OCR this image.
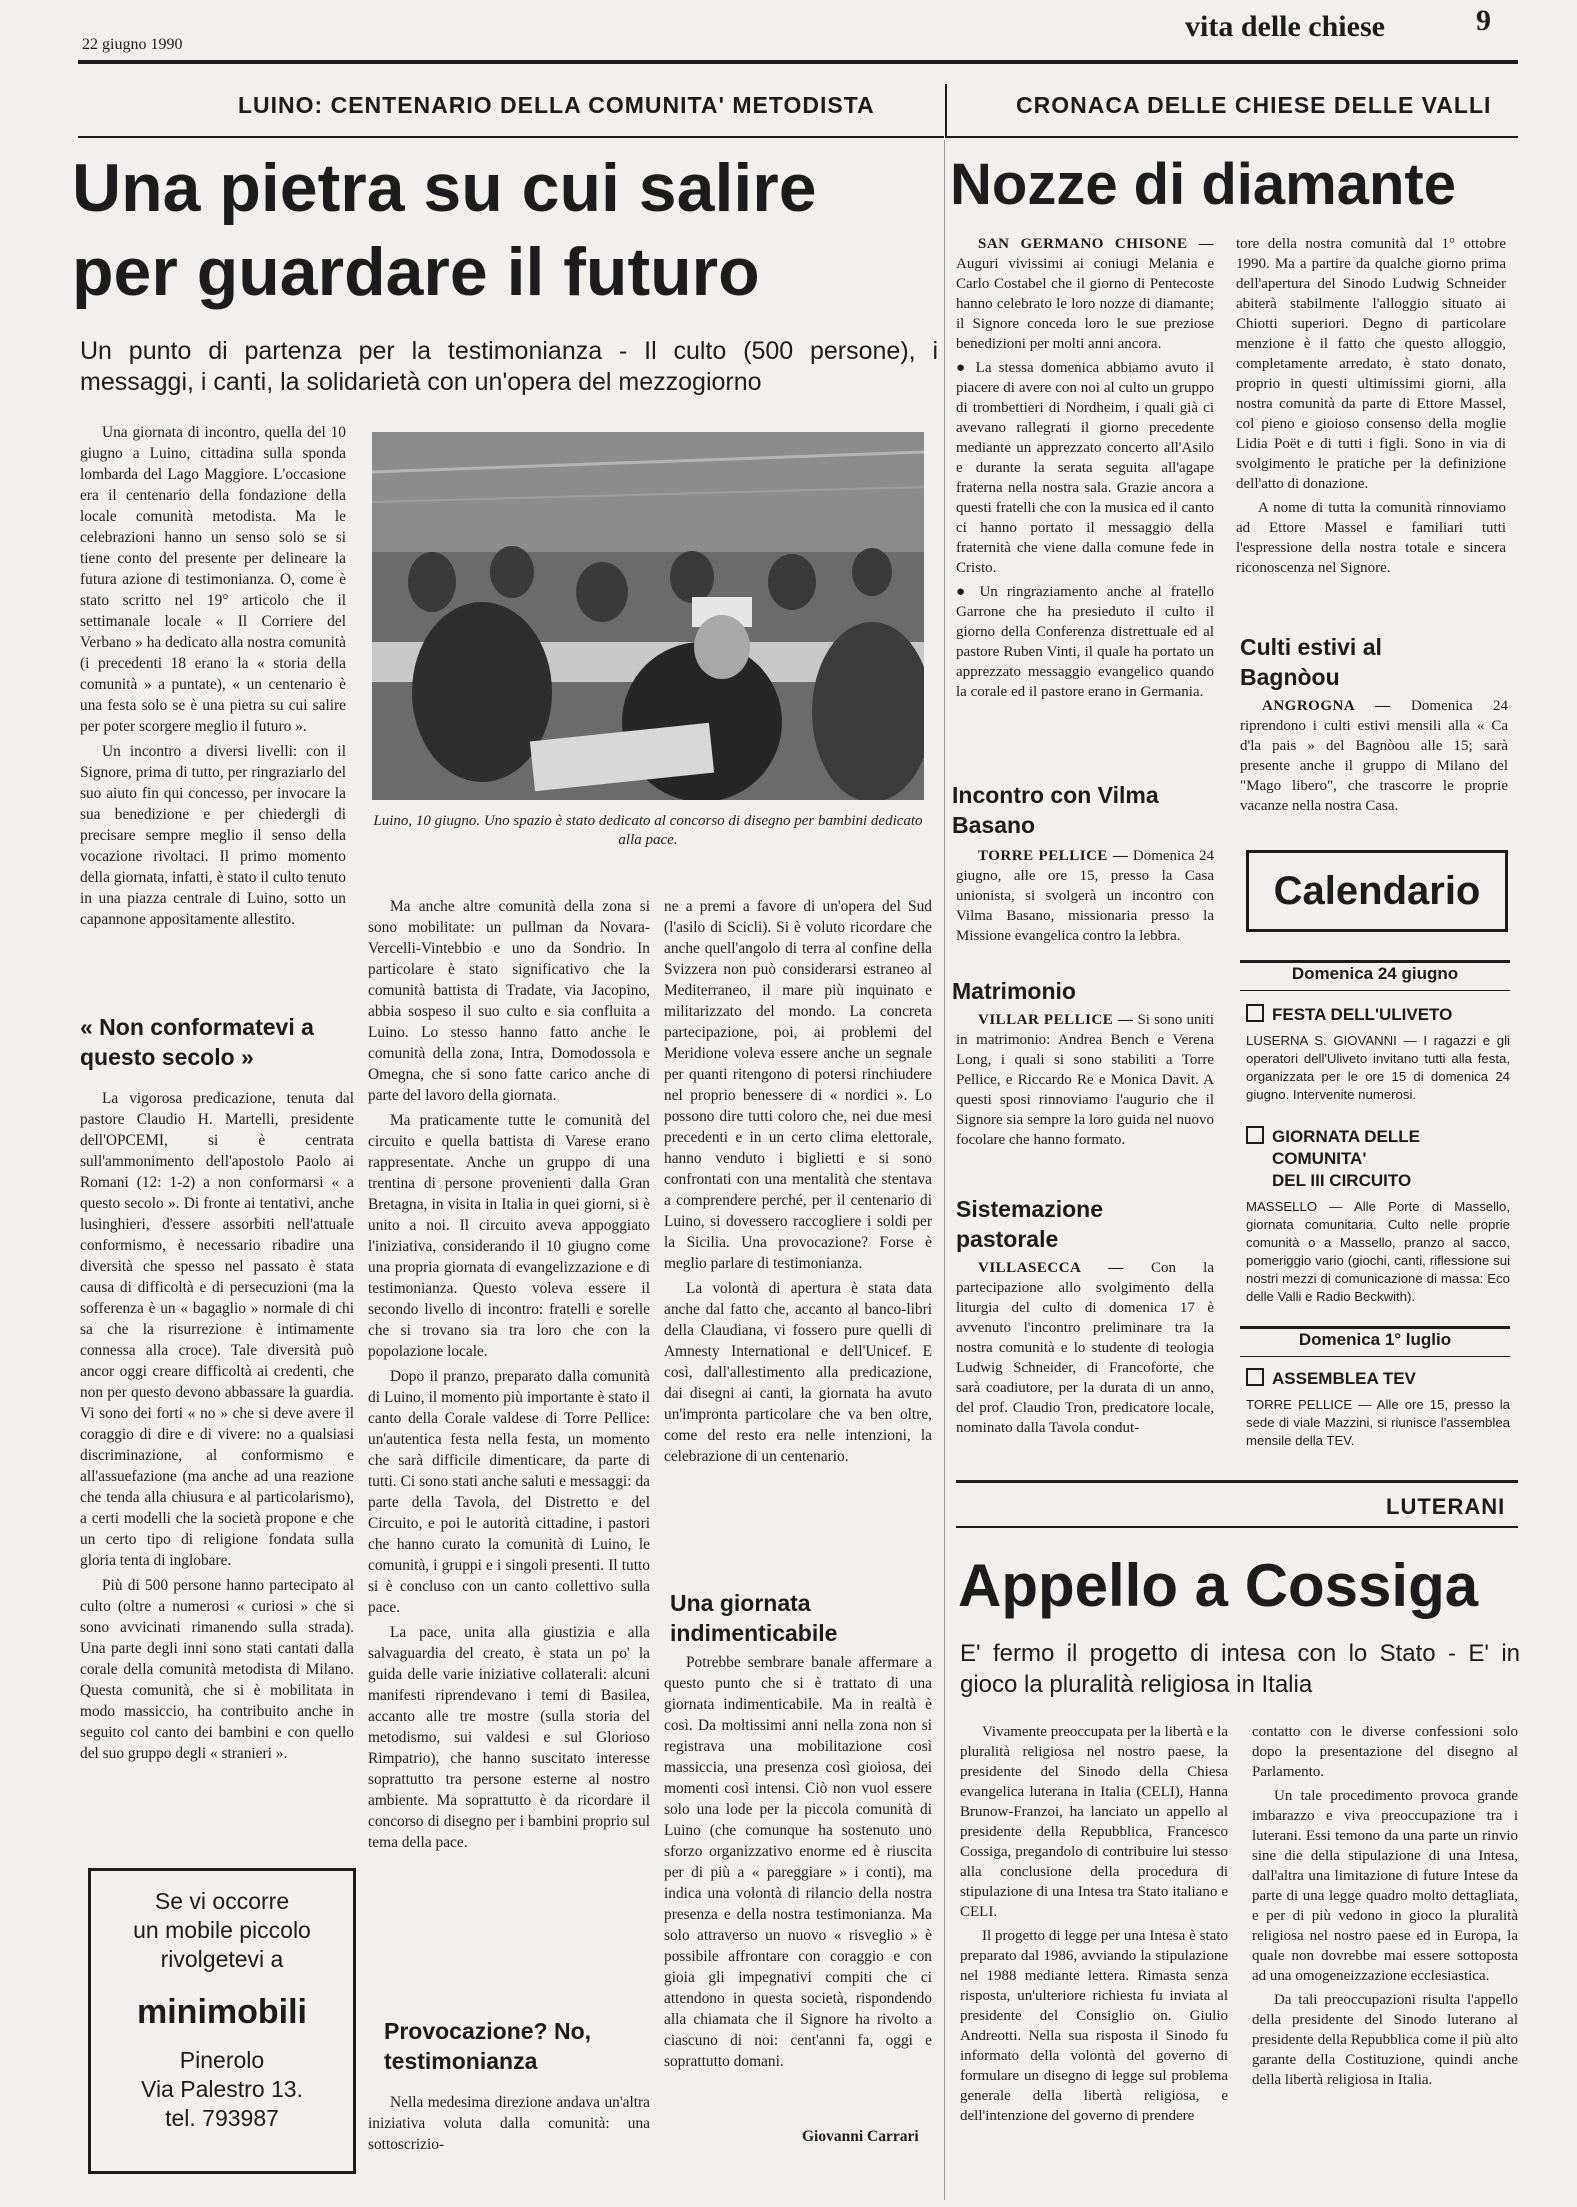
22 giugno 1990
vita delle chiese	9
LUINO: CENTENARIO DELLA COMUNITA' METODISTA
Una pietra su cui salire
per guardare il futuro
Un punto di partenza per la testimonianza - Il culto (500 persone), i messaggi, i canti, la solidarietà con un'opera del mezzogiorno

Una giornata di incontro, quella del 10 giugno a Luino, cittadina sulla sponda lombarda del Lago Maggiore. L'occasione era il centenario della fondazione della locale comunità metodista. Ma le celebrazioni hanno un senso solo se si tiene conto del presente per delineare la futura azione di testimonianza. O, come è stato scritto nel 19° articolo che il settimanale locale « Il Corriere del Verbano » ha dedicato alla nostra comunità (i precedenti 18 erano la « storia della comunità » a puntate), « un centenario è una festa solo se è una pietra su cui salire per poter scorgere meglio il futuro ».

Un incontro a diversi livelli: con il Signore, prima di tutto, per ringraziarlo del suo aiuto fin qui concesso, per invocare la sua benedizione e per chiedergli di precisare sempre meglio il senso della vocazione rivoltaci. Il primo momento della giornata, infatti, è stato il culto tenuto in una piazza centrale di Luino, sotto un capannone appositamente allestito.

Luino, 10 giugno. Uno spazio è stato dedicato al concorso di disegno per bambini dedicato alla pace.
« Non conformatevi a questo secolo »

La vigorosa predicazione, tenuta dal pastore Claudio H. Martelli, presidente dell'OPCEMI, si è centrata sull'ammonimento dell'apostolo Paolo ai Romani (12: 1-2) a non conformarsi « a questo secolo ». Di fronte ai tentativi, anche lusinghieri, d'essere assorbiti nell'attuale conformismo, è necessario ribadire una diversità che spesso nel passato è stata causa di difficoltà e di persecuzioni (ma la sofferenza è un « bagaglio » normale di chi sa che la risurrezione è intimamente connessa alla croce). Tale diversità può ancor oggi creare difficoltà ai credenti, che non per questo devono abbassare la guardia. Vi sono dei forti « no » che si deve avere il coraggio di dire e di vivere: no a qualsiasi discriminazione, al conformismo e all'assuefazione (ma anche ad una reazione che tenda alla chiusura e al particolarismo), a certi modelli che la società propone e che un certo tipo di religione fondata sulla gloria tenta di inglobare.

Più di 500 persone hanno partecipato al culto (oltre a numerosi « curiosi » che si sono avvicinati rimanendo sulla strada). Una parte degli inni sono stati cantati dalla corale della comunità metodista di Milano. Questa comunità, che si è mobilitata in modo massiccio, ha contribuito anche in seguito col canto dei bambini e con quello del suo gruppo degli « stranieri ».

Se vi occorre
un mobile piccolo
rivolgetevi a
minimobili
Pinerolo
Via Palestro 13.
tel. 793987

Ma anche altre comunità della zona si sono mobilitate: un pullman da Novara-Vercelli-Vintebbio e uno da Sondrio. In particolare è stato significativo che la comunità battista di Tradate, via Jacopino, abbia sospeso il suo culto e sia confluita a Luino. Lo stesso hanno fatto anche le comunità della zona, Intra, Domodossola e Omegna, che si sono fatte carico anche di parte del lavoro della giornata.

Ma praticamente tutte le comunità del circuito e quella battista di Varese erano rappresentate. Anche un gruppo di una trentina di persone provenienti dalla Gran Bretagna, in visita in Italia in quei giorni, si è unito a noi. Il circuito aveva appoggiato l'iniziativa, considerando il 10 giugno come una propria giornata di evangelizzazione e di testimonianza. Questo voleva essere il secondo livello di incontro: fratelli e sorelle che si trovano sia tra loro che con la popolazione locale.

Dopo il pranzo, preparato dalla comunità di Luino, il momento più importante è stato il canto della Corale valdese di Torre Pellice: un'autentica festa nella festa, un momento che sarà difficile dimenticare, da parte di tutti. Ci sono stati anche saluti e messaggi: da parte della Tavola, del Distretto e del Circuito, e poi le autorità cittadine, i pastori che hanno curato la comunità di Luino, le comunità, i gruppi e i singoli presenti. Il tutto si è concluso con un canto collettivo sulla pace.

La pace, unita alla giustizia e alla salvaguardia del creato, è stata un po' la guida delle varie iniziative collaterali: alcuni manifesti riprendevano i temi di Basilea, accanto alle tre mostre (sulla storia del metodismo, sui valdesi e sul Glorioso Rimpatrio), che hanno suscitato interesse soprattutto tra persone esterne al nostro ambiente. Ma soprattutto è da ricordare il concorso di disegno per i bambini proprio sul tema della pace.

Provocazione? No, testimonianza

Nella medesima direzione andava un'altra iniziativa voluta dalla comunità: una sottoscrizio-

ne a premi a favore di un'opera del Sud (l'asilo di Scicli). Si è voluto ricordare che anche quell'angolo di terra al confine della Svizzera non può considerarsi estraneo al Mediterraneo, il mare più inquinato e militarizzato del mondo. La concreta partecipazione, poi, ai problemi del Meridione voleva essere anche un segnale per quanti ritengono di potersi rinchiudere nel proprio benessere di « nordici ». Lo possono dire tutti coloro che, nei due mesi precedenti e in un certo clima elettorale, hanno venduto i biglietti e si sono confrontati con una mentalità che stentava a comprendere perché, per il centenario di Luino, si dovessero raccogliere i soldi per la Sicilia. Una provocazione? Forse è meglio parlare di testimonianza.

La volontà di apertura è stata data anche dal fatto che, accanto al banco-libri della Claudiana, vi fossero pure quelli di Amnesty International e dell'Unicef. E così, dall'allestimento alla predicazione, dai disegni ai canti, la giornata ha avuto un'impronta particolare che va ben oltre, come del resto era nelle intenzioni, la celebrazione di un centenario.

Una giornata indimenticabile

Potrebbe sembrare banale affermare a questo punto che si è trattato di una giornata indimenticabile. Ma in realtà è così. Da moltissimi anni nella zona non si registrava una mobilitazione così massiccia, una presenza così gioiosa, dei momenti così intensi. Ciò non vuol essere solo una lode per la piccola comunità di Luino (che comunque ha sostenuto uno sforzo organizzativo enorme ed è riuscita per di più a « pareggiare » i conti), ma indica una volontà di rilancio della nostra presenza e della nostra testimonianza. Ma solo attraverso un nuovo « risveglio » è possibile affrontare con coraggio e con gioia gli impegnativi compiti che ci attendono in questa società, rispondendo alla chiamata che il Signore ha rivolto a ciascuno di noi: cent'anni fa, oggi e soprattutto domani.

Giovanni Carrari
CRONACA DELLE CHIESE DELLE VALLI
Nozze di diamante

SAN GERMANO CHISONE — Auguri vivissimi ai coniugi Melania e Carlo Costabel che il giorno di Pentecoste hanno celebrato le loro nozze di diamante; il Signore conceda loro le sue preziose benedizioni per molti anni ancora.

● La stessa domenica abbiamo avuto il piacere di avere con noi al culto un gruppo di trombettieri di Nordheim, i quali già ci avevano rallegrati il giorno precedente mediante un apprezzato concerto all'Asilo e durante la serata seguita all'agape fraterna nella nostra sala. Grazie ancora a questi fratelli che con la musica ed il canto ci hanno portato il messaggio della fraternità che viene dalla comune fede in Cristo.

● Un ringraziamento anche al fratello Garrone che ha presieduto il culto il giorno della Conferenza distrettuale ed al pastore Ruben Vinti, il quale ha portato un apprezzato messaggio evangelico quando la corale ed il pastore erano in Germania.

Incontro con Vilma Basano

TORRE PELLICE — Domenica 24 giugno, alle ore 15, presso la Casa unionista, si svolgerà un incontro con Vilma Basano, missionaria presso la Missione evangelica contro la lebbra.

Matrimonio

VILLAR PELLICE — Si sono uniti in matrimonio: Andrea Bench e Verena Long, i quali si sono stabiliti a Torre Pellice, e Riccardo Re e Monica Davit. A questi sposi rinnoviamo l'augurio che il Signore sia sempre la loro guida nel nuovo focolare che hanno formato.

Sistemazione pastorale

VILLASECCA — Con la partecipazione allo svolgimento della liturgia del culto di domenica 17 è avvenuto l'incontro preliminare tra la nostra comunità e lo studente di teologia Ludwig Schneider, di Francoforte, che sarà coadiutore, per la durata di un anno, del prof. Claudio Tron, predicatore locale, nominato dalla Tavola condut-

tore della nostra comunità dal 1° ottobre 1990. Ma a partire da qualche giorno prima dell'apertura del Sinodo Ludwig Schneider abiterà stabilmente l'alloggio situato ai Chiotti superiori. Degno di particolare menzione è il fatto che questo alloggio, completamente arredato, è stato donato, proprio in questi ultimissimi giorni, alla nostra comunità da parte di Ettore Massel, col pieno e gioioso consenso della moglie Lidia Poët e di tutti i figli. Sono in via di svolgimento le pratiche per la definizione dell'atto di donazione.

A nome di tutta la comunità rinnoviamo ad Ettore Massel e familiari tutti l'espressione della nostra totale e sincera riconoscenza nel Signore.

Culti estivi al Bagnòou

ANGROGNA — Domenica 24 riprendono i culti estivi mensili alla « Ca d'la pais » del Bagnòou alle 15; sarà presente anche il gruppo di Milano del "Mago libero", che trascorre le proprie vacanze nella nostra Casa.

Calendario
Domenica 24 giugno
FESTA DELL'ULIVETO
LUSERNA S. GIOVANNI — I ragazzi e gli operatori dell'Uliveto invitano tutti alla festa, organizzata per le ore 15 di domenica 24 giugno. Intervenite numerosi.
GIORNATA DELLE
COMUNITA'
DEL III CIRCUITO
MASSELLO — Alle Porte di Massello, giornata comunitaria. Culto nelle proprie comunità o a Massello, pranzo al sacco, pomeriggio vario (giochi, canti, riflessione sui nostri mezzi di comunicazione di massa: Eco delle Valli e Radio Beckwith).
Domenica 1° luglio
ASSEMBLEA TEV
TORRE PELLICE — Alle ore 15, presso la sede di viale Mazzini, si riunisce l'assemblea mensile della TEV.
LUTERANI
Appello a Cossiga
E' fermo il progetto di intesa con lo Stato - E' in gioco la pluralità religiosa in Italia

Vivamente preoccupata per la libertà e la pluralità religiosa nel nostro paese, la presidente del Sinodo della Chiesa evangelica luterana in Italia (CELI), Hanna Brunow-Franzoi, ha lanciato un appello al presidente della Repubblica, Francesco Cossiga, pregandolo di contribuire lui stesso alla conclusione della procedura di stipulazione di una Intesa tra Stato italiano e CELI.

Il progetto di legge per una Intesa è stato preparato dal 1986, avviando la stipulazione nel 1988 mediante lettera. Rimasta senza risposta, un'ulteriore richiesta fu inviata al presidente del Consiglio on. Giulio Andreotti. Nella sua risposta il Sinodo fu informato della volontà del governo di formulare un disegno di legge sul problema generale della libertà religiosa, e dell'intenzione del governo di prendere

contatto con le diverse confessioni solo dopo la presentazione del disegno al Parlamento.

Un tale procedimento provoca grande imbarazzo e viva preoccupazione tra i luterani. Essi temono da una parte un rinvio sine die della stipulazione di una Intesa, dall'altra una limitazione di future Intese da parte di una legge quadro molto dettagliata, e per di più vedono in gioco la pluralità religiosa nel nostro paese ed in Europa, la quale non dovrebbe mai essere sottoposta ad una omogeneizzazione ecclesiastica.

Da tali preoccupazioni risulta l'appello della presidente del Sinodo luterano al presidente della Repubblica come il più alto garante della Costituzione, quindi anche della libertà religiosa in Italia.
